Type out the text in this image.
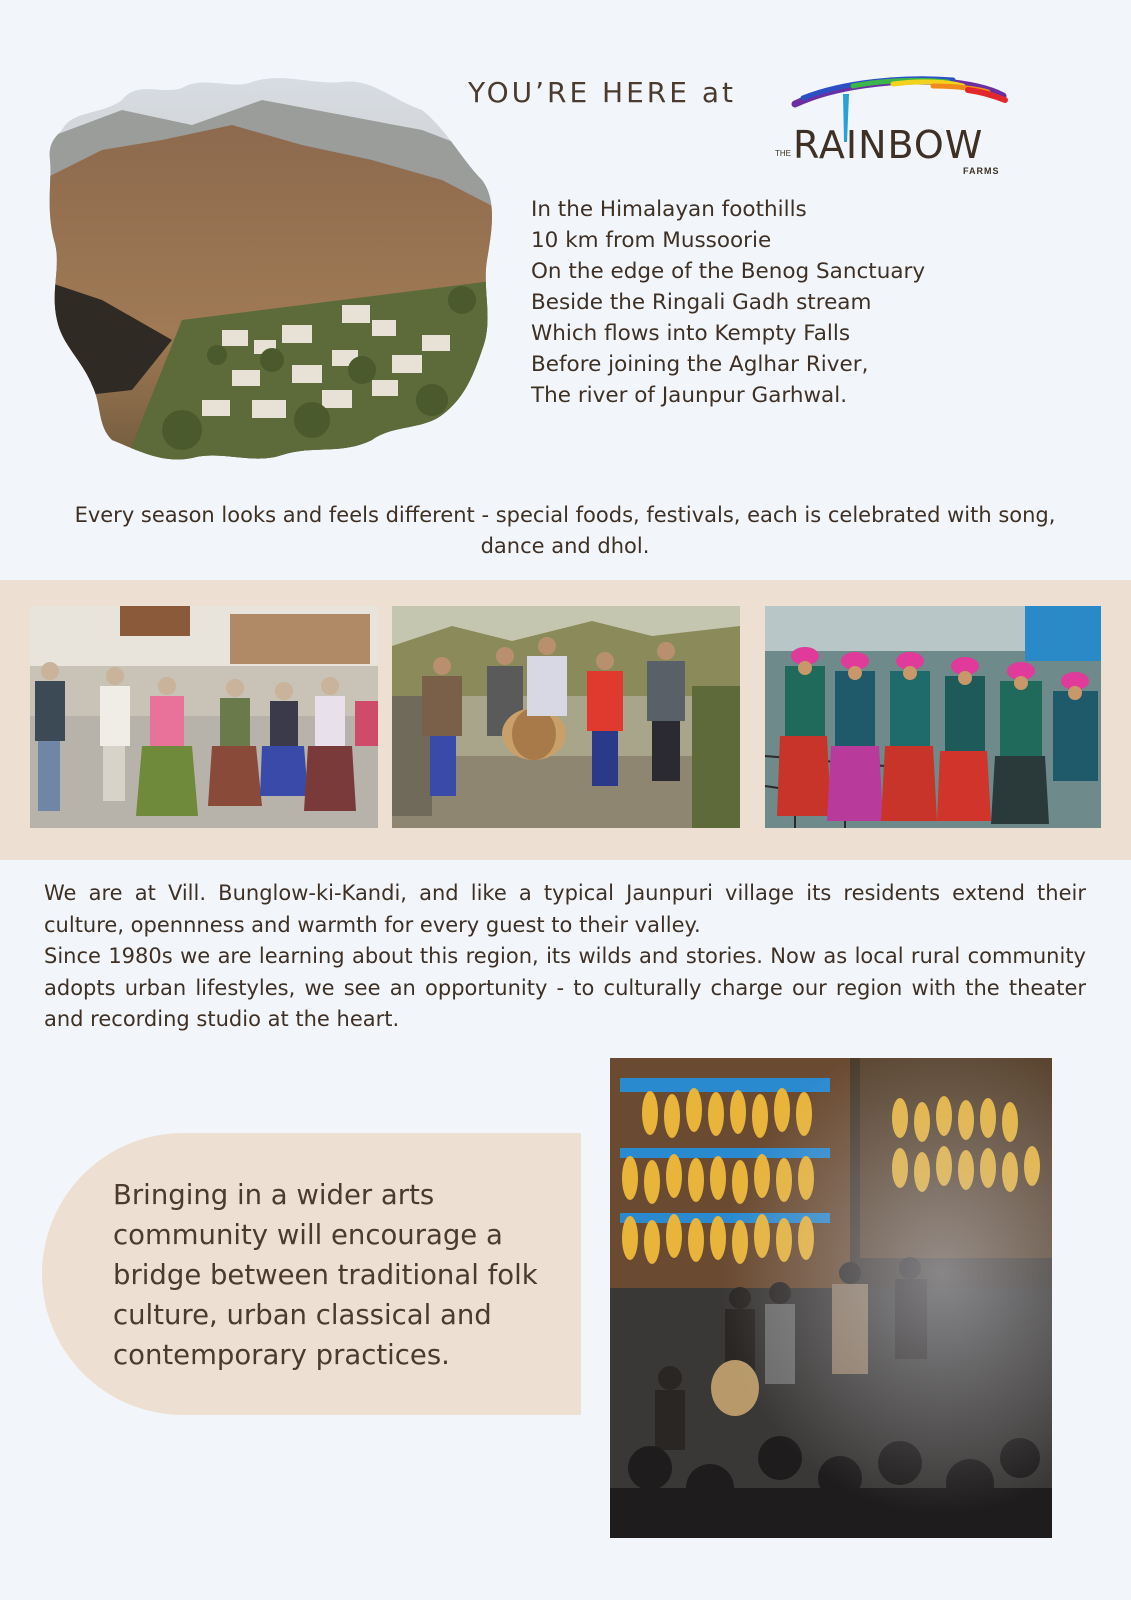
YOU’RE HERE at
THE RAINBOW
FARMS
In the Himalayan foothills
10 km from Mussoorie
On the edge of the Benog Sanctuary
Beside the Ringali Gadh stream
Which flows into Kempty Falls
Before joining the Aglhar River,
The river of Jaunpur Garhwal.
Every season looks and feels different - special foods, festivals, each is celebrated with song, dance and dhol.

We are at Vill. Bunglow-ki-Kandi, and like a typical Jaunpuri village its residents extend their culture, opennness and warmth for every guest to their valley.

Since 1980s we are learning about this region, its wilds and stories. Now as local rural community adopts urban lifestyles, we see an opportunity - to culturally charge our region with the theater and recording studio at the heart.

Bringing in a wider arts community will encourage a bridge between traditional folk culture, urban classical and contemporary practices.
